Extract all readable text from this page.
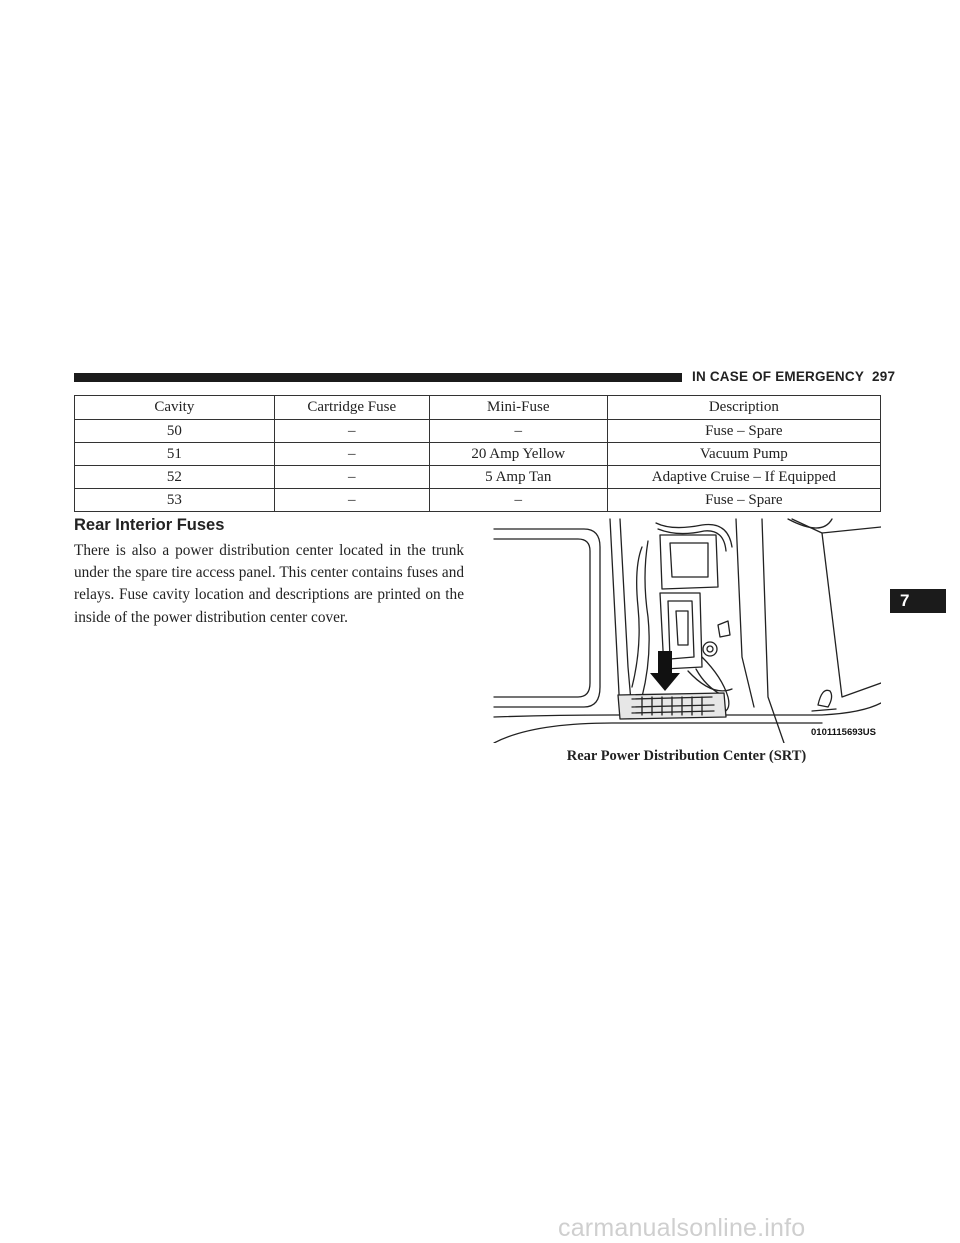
IN CASE OF EMERGENCY 297
Cavity	Cartridge Fuse	Mini-Fuse	Description
50	–	–	Fuse – Spare
51	–	20 Amp Yellow	Vacuum Pump
52	–	5 Amp Tan	Adaptive Cruise – If Equipped
53	–	–	Fuse – Spare
Rear Interior Fuses

There is also a power distribution center located in the trunk under the spare tire access panel. This center contains fuses and relays. Fuse cavity location and descriptions are printed on the inside of the power distribution center cover.

0101115693US
Rear Power Distribution Center (SRT)
7
carmanualsonline.info
